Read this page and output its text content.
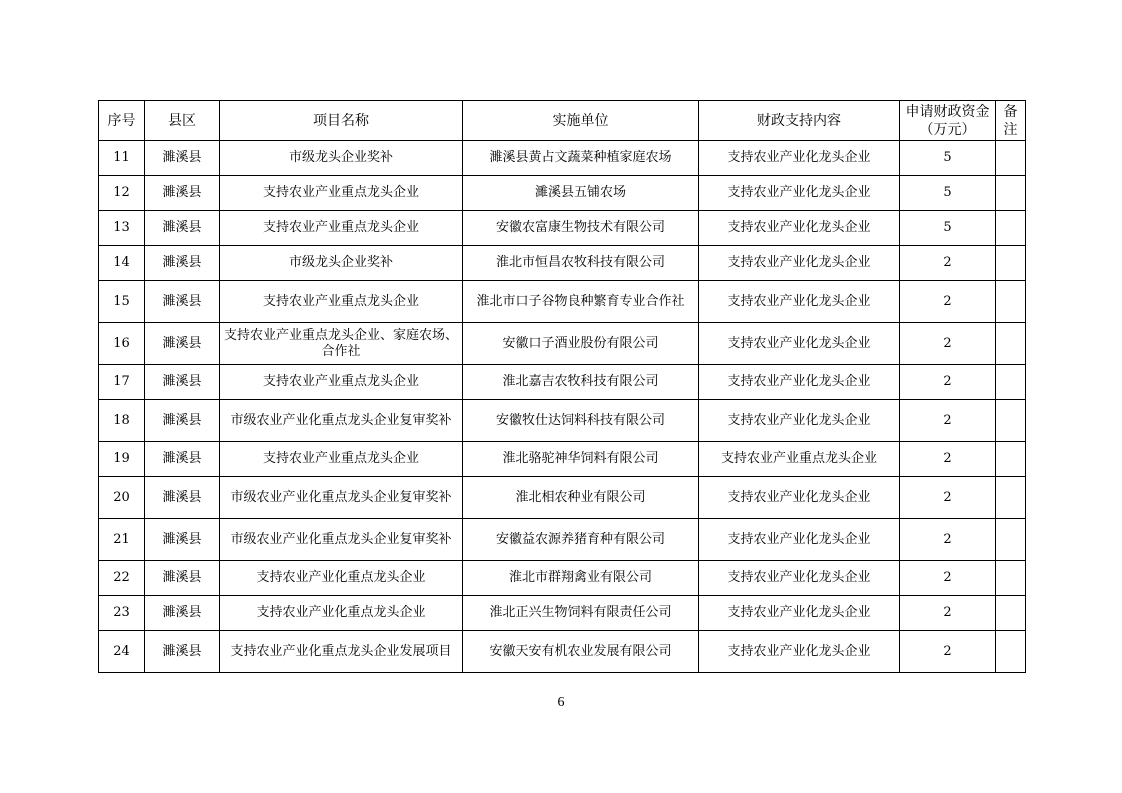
序号	县区	项目名称	实施单位	财政支持内容	申请财政资金（万元）	备注
11	濉溪县	市级龙头企业奖补	濉溪县黄占文蔬菜种植家庭农场	支持农业产业化龙头企业	5	
12	濉溪县	支持农业产业重点龙头企业	濉溪县五铺农场	支持农业产业化龙头企业	5	
13	濉溪县	支持农业产业重点龙头企业	安徽农富康生物技术有限公司	支持农业产业化龙头企业	5	
14	濉溪县	市级龙头企业奖补	淮北市恒昌农牧科技有限公司	支持农业产业化龙头企业	2	
15	濉溪县	支持农业产业重点龙头企业	淮北市口子谷物良种繁育专业合作社	支持农业产业化龙头企业	2	
16	濉溪县	支持农业产业重点龙头企业、家庭农场、合作社	安徽口子酒业股份有限公司	支持农业产业化龙头企业	2	
17	濉溪县	支持农业产业重点龙头企业	淮北嘉吉农牧科技有限公司	支持农业产业化龙头企业	2	
18	濉溪县	市级农业产业化重点龙头企业复审奖补	安徽牧仕达饲料科技有限公司	支持农业产业化龙头企业	2	
19	濉溪县	支持农业产业重点龙头企业	淮北骆驼神华饲料有限公司	支持农业产业重点龙头企业	2	
20	濉溪县	市级农业产业化重点龙头企业复审奖补	淮北相农种业有限公司	支持农业产业化龙头企业	2	
21	濉溪县	市级农业产业化重点龙头企业复审奖补	安徽益农源养猪育种有限公司	支持农业产业化龙头企业	2	
22	濉溪县	支持农业产业化重点龙头企业	淮北市群翔禽业有限公司	支持农业产业化龙头企业	2	
23	濉溪县	支持农业产业化重点龙头企业	淮北正兴生物饲料有限责任公司	支持农业产业化龙头企业	2	
24	濉溪县	支持农业产业化重点龙头企业发展项目	安徽天安有机农业发展有限公司	支持农业产业化龙头企业	2	
6
